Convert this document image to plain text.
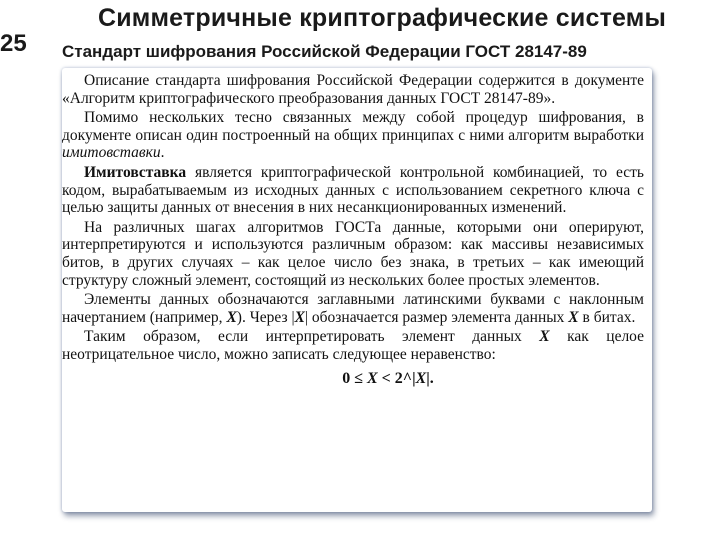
25
Симметричные криптографические системы
Стандарт шифрования Российской Федерации ГОСТ 28147-89

Описание стандарта шифрования Российской Федерации содержится в документе «Алгоритм криптографического преобразования данных ГОСТ 28147-89».

Помимо нескольких тесно связанных между собой процедур шифрования, в документе описан один построенный на общих принципах с ними алгоритм выработки имитовставки.

Имитовставка является криптографической контрольной комбинацией, то есть кодом, вырабатываемым из исходных данных с использованием секретного ключа с целью защиты данных от внесения в них несанкционированных изменений.

На различных шагах алгоритмов ГОСТа данные, которыми они оперируют, интерпретируются и используются различным образом: как массивы независимых битов, в других случаях – как целое число без знака, в третьих – как имеющий структуру сложный элемент, состоящий из нескольких более простых элементов.

Элементы данных обозначаются заглавными латинскими буквами с наклонным начертанием (например, X). Через |X| обозначается размер элемента данных X в битах.

Таким образом, если интерпретировать элемент данных X как целое неотрицательное число, можно записать следующее неравенство:

0 ≤ X < 2^|X|.
